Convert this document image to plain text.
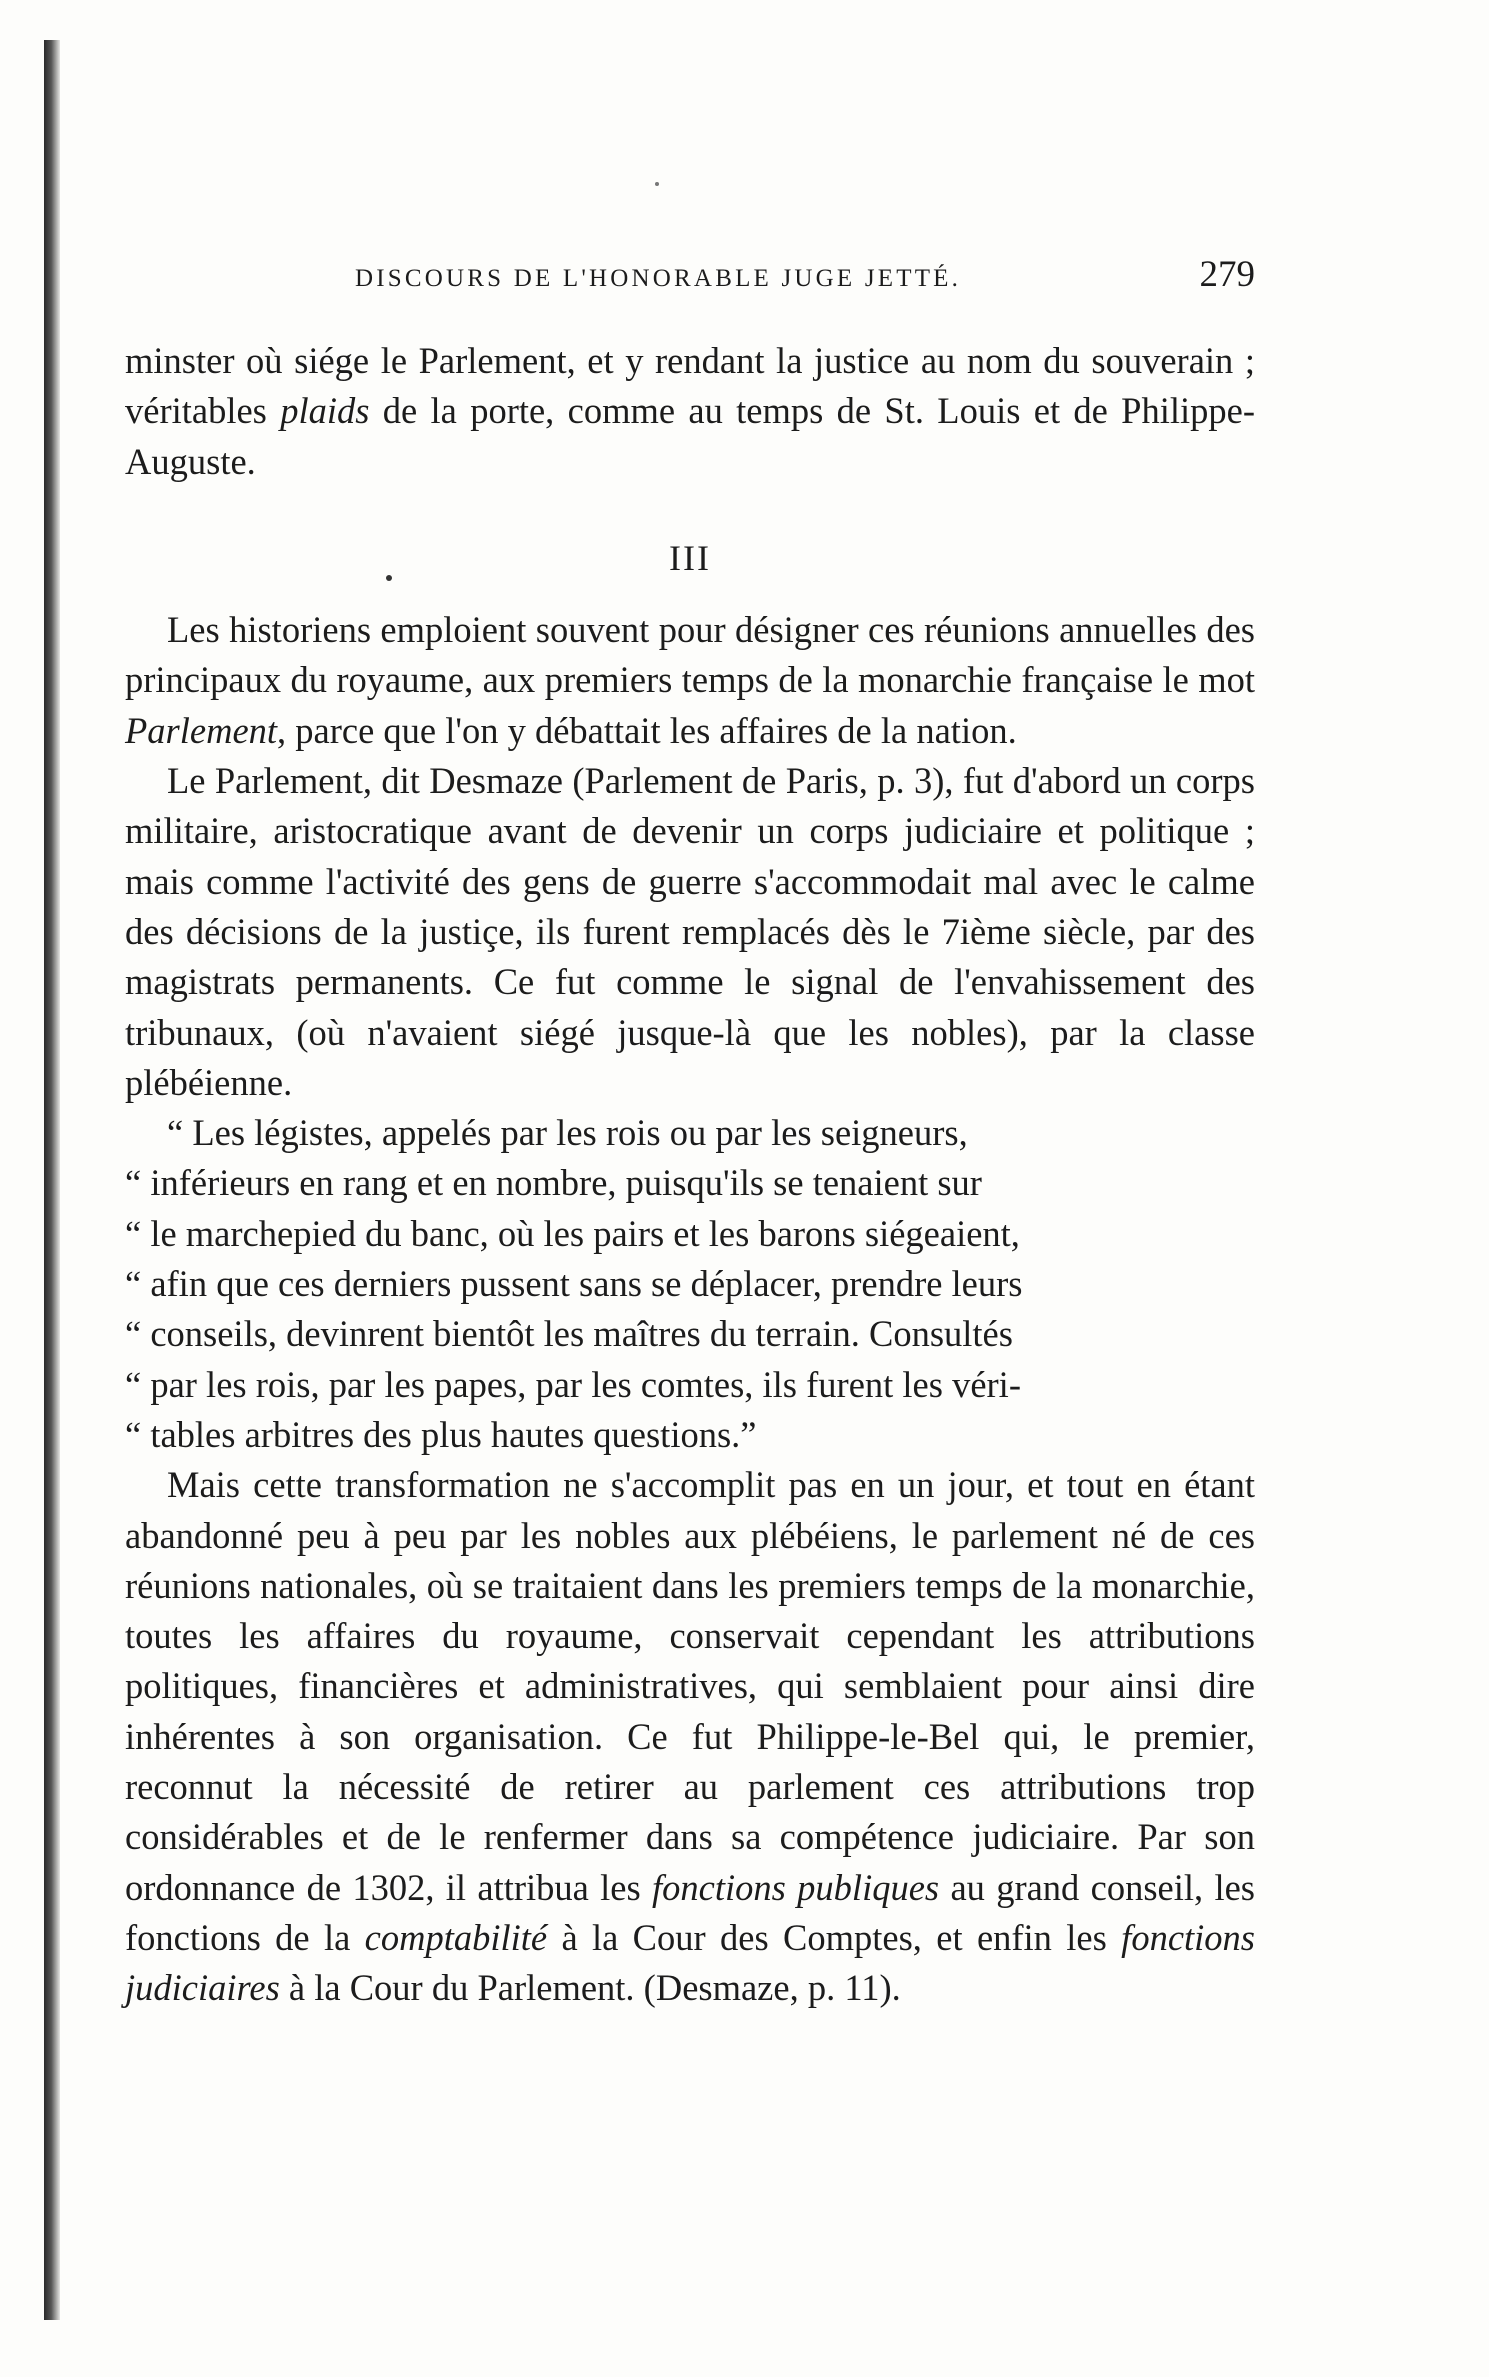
DISCOURS DE L'HONORABLE JUGE JETTÉ.	279

minster où siége le Parlement, et y rendant la justice au nom du souverain ; véritables plaids de la porte, comme au temps de St. Louis et de Philippe-Auguste.

III

Les historiens emploient souvent pour désigner ces réunions annuelles des principaux du royaume, aux premiers temps de la monarchie française le mot Parlement, parce que l'on y débattait les affaires de la nation.

Le Parlement, dit Desmaze (Parlement de Paris, p. 3), fut d'abord un corps militaire, aristocratique avant de devenir un corps judiciaire et politique ; mais comme l'activité des gens de guerre s'accommodait mal avec le calme des décisions de la justiçe, ils furent remplacés dès le 7ième siècle, par des magistrats permanents. Ce fut comme le signal de l'envahissement des tribunaux, (où n'avaient siégé jusque-là que les nobles), par la classe plébéienne.

“ Les légistes, appelés par les rois ou par les seigneurs,

“ inférieurs en rang et en nombre, puisqu'ils se tenaient sur

“ le marchepied du banc, où les pairs et les barons siégeaient,

“ afin que ces derniers pussent sans se déplacer, prendre leurs

“ conseils, devinrent bientôt les maîtres du terrain. Consultés

“ par les rois, par les papes, par les comtes, ils furent les véri-

“ tables arbitres des plus hautes questions.”

Mais cette transformation ne s'accomplit pas en un jour, et tout en étant abandonné peu à peu par les nobles aux plébéiens, le parlement né de ces réunions nationales, où se traitaient dans les premiers temps de la monarchie, toutes les affaires du royaume, conservait cependant les attributions politiques, financières et administratives, qui semblaient pour ainsi dire inhérentes à son organisation. Ce fut Philippe-le-Bel qui, le premier, reconnut la nécessité de retirer au parlement ces attributions trop considérables et de le renfermer dans sa compétence judiciaire. Par son ordonnance de 1302, il attribua les fonctions publiques au grand conseil, les fonctions de la comptabilité à la Cour des Comptes, et enfin les fonctions judiciaires à la Cour du Parlement. (Desmaze, p. 11).
